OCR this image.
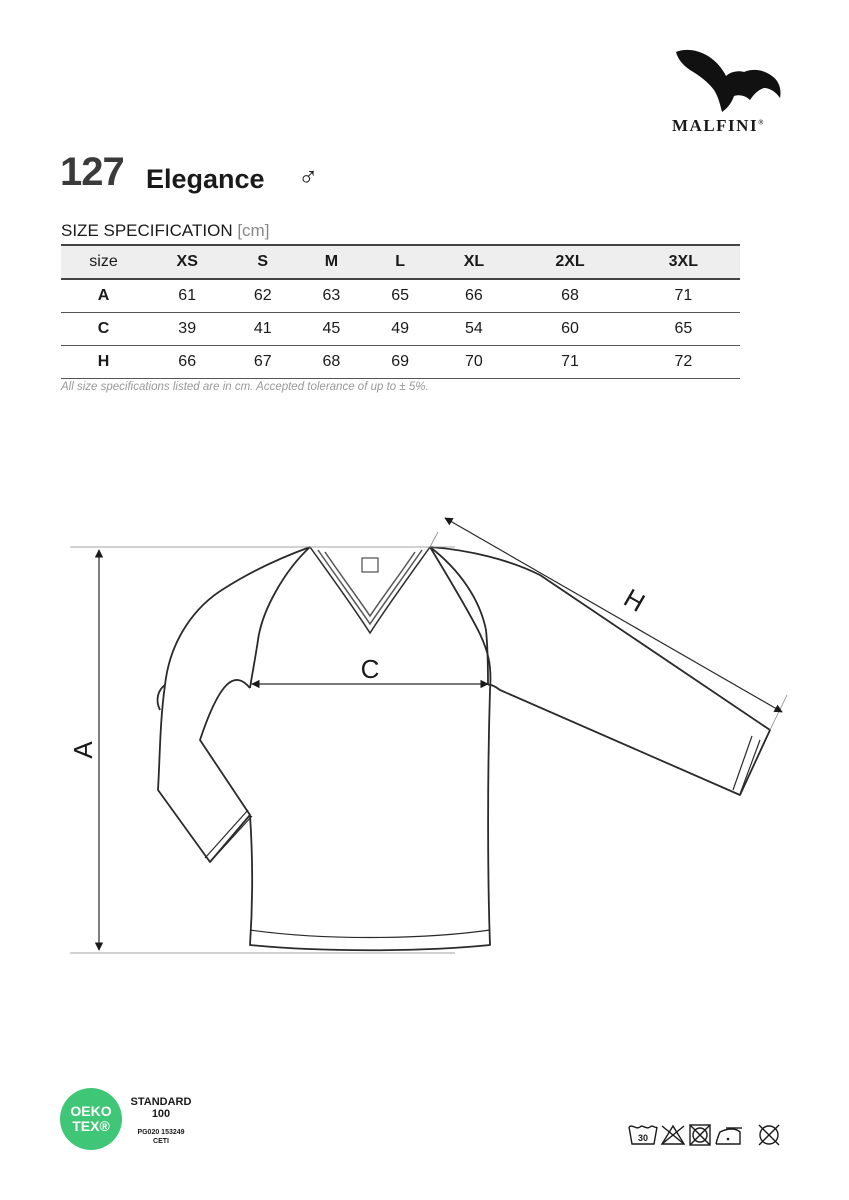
MALFINI®
127 Elegance ♂
SIZE SPECIFICATION [cm]
size	XS	S	M	L	XL	2XL	3XL
A	61	62	63	65	66	68	71
C	39	41	45	49	54	60	65
H	66	67	68	69	70	71	72
All size specifications listed are in cm. Accepted tolerance of up to ± 5%.
A
C
H
OEKO
TEX®
STANDARD
100
PG020 153249
CETI	30
